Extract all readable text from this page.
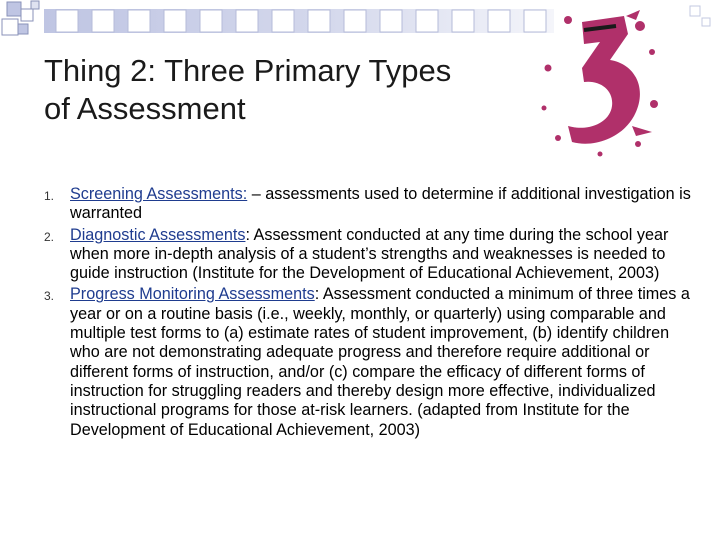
Thing 2: Three Primary Types
of Assessment
1. Screening Assessments: – assessments used to determine if additional investigation is warranted
2. Diagnostic Assessments: Assessment conducted at any time during the school year when more in-depth analysis of a student’s strengths and weaknesses is needed to guide instruction (Institute for the Development of Educational Achievement, 2003)
3. Progress Monitoring Assessments: Assessment conducted a minimum of three times a year or on a routine basis (i.e., weekly, monthly, or quarterly) using comparable and multiple test forms to (a) estimate rates of student improvement, (b) identify children who are not demonstrating adequate progress and therefore require additional or different forms of instruction, and/or (c) compare the efficacy of different forms of instruction for struggling readers and thereby design more effective, individualized instructional programs for those at-risk learners. (adapted from Institute for the Development of Educational Achievement, 2003)
